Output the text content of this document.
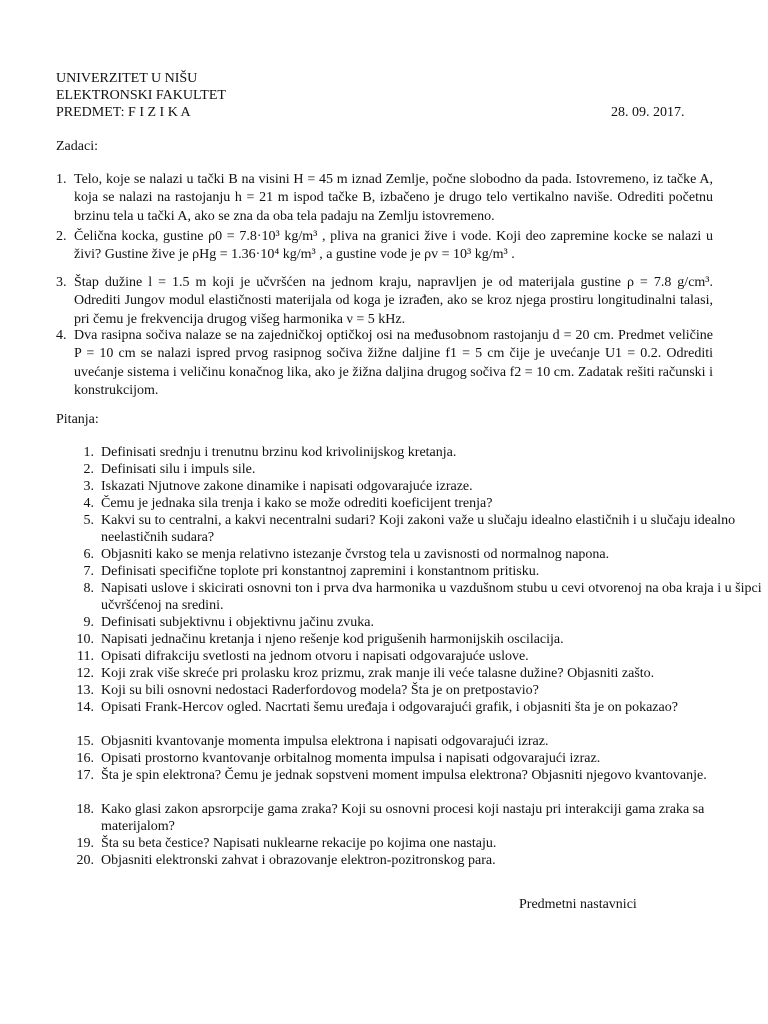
UNIVERZITET U NIŠU
ELEKTRONSKI FAKULTET
PREDMET: F I Z I K A	28. 09. 2017.
Zadaci:
1. Telo, koje se nalazi u tački B na visini H = 45 m iznad Zemlje, počne slobodno da pada. Istovremeno, iz tačke A, koja se nalazi na rastojanju h = 21 m ispod tačke B, izbačeno je drugo telo vertikalno naviše. Odrediti početnu brzinu tela u tački A, ako se zna da oba tela padaju na Zemlju istovremeno.
2. Čelična kocka, gustine ρ0 = 7.8·10³ kg/m³ , pliva na granici žive i vode. Koji deo zapremine kocke se nalazi u živi? Gustine žive je ρHg = 1.36·10⁴ kg/m³ , a gustine vode je ρv = 10³ kg/m³ .
3. Štap dužine l = 1.5 m koji je učvršćen na jednom kraju, napravljen je od materijala gustine ρ = 7.8 g/cm³. Odrediti Jungov modul elastičnosti materijala od koga je izrađen, ako se kroz njega prostiru longitudinalni talasi, pri čemu je frekvencija drugog višeg harmonika ν = 5 kHz.
4. Dva rasipna sočiva nalaze se na zajedničkoj optičkoj osi na međusobnom rastojanju d = 20 cm. Predmet veličine P = 10 cm se nalazi ispred prvog rasipnog sočiva žižne daljine f1 = 5 cm čije je uvećanje U1 = 0.2. Odrediti uvećanje sistema i veličinu konačnog lika, ako je žižna daljina drugog sočiva f2 = 10 cm. Zadatak rešiti računski i konstrukcijom.
Pitanja:
1. Definisati srednju i trenutnu brzinu kod krivolinijskog kretanja.
2. Definisati silu i impuls sile.
3. Iskazati Njutnove zakone dinamike i napisati odgovarajuće izraze.
4. Čemu je jednaka sila trenja i kako se može odrediti koeficijent trenja?
5. Kakvi su to centralni, a kakvi necentralni sudari? Koji zakoni važe u slučaju idealno elastičnih i u slučaju idealno neelastičnih sudara?
6. Objasniti kako se menja relativno istezanje čvrstog tela u zavisnosti od normalnog napona.
7. Definisati specifične toplote pri konstantnoj zapremini i konstantnom pritisku.
8. Napisati uslove i skicirati osnovni ton i prva dva harmonika u vazdušnom stubu u cevi otvorenoj na oba kraja i u šipci učvršćenoj na sredini.
9. Definisati subjektivnu i objektivnu jačinu zvuka.
10. Napisati jednačinu kretanja i njeno rešenje kod prigušenih harmonijskih oscilacija.
11. Opisati difrakciju svetlosti na jednom otvoru i napisati odgovarajuće uslove.
12. Koji zrak više skreće pri prolasku kroz prizmu, zrak manje ili veće talasne dužine? Objasniti zašto.
13. Koji su bili osnovni nedostaci Raderfordovog modela? Šta je on pretpostavio?
14. Opisati Frank-Hercov ogled. Nacrtati šemu uređaja i odgovarajući grafik, i objasniti šta je on pokazao?
15. Objasniti kvantovanje momenta impulsa elektrona i napisati odgovarajući izraz.
16. Opisati prostorno kvantovanje orbitalnog momenta impulsa i napisati odgovarajući izraz.
17. Šta je spin elektrona? Čemu je jednak sopstveni moment impulsa elektrona? Objasniti njegovo kvantovanje.
18. Kako glasi zakon apsrorpcije gama zraka? Koji su osnovni procesi koji nastaju pri interakciji gama zraka sa materijalom?
19. Šta su beta čestice? Napisati nuklearne rekacije po kojima one nastaju.
20. Objasniti elektronski zahvat i obrazovanje elektron-pozitronskog para.
Predmetni nastavnici
